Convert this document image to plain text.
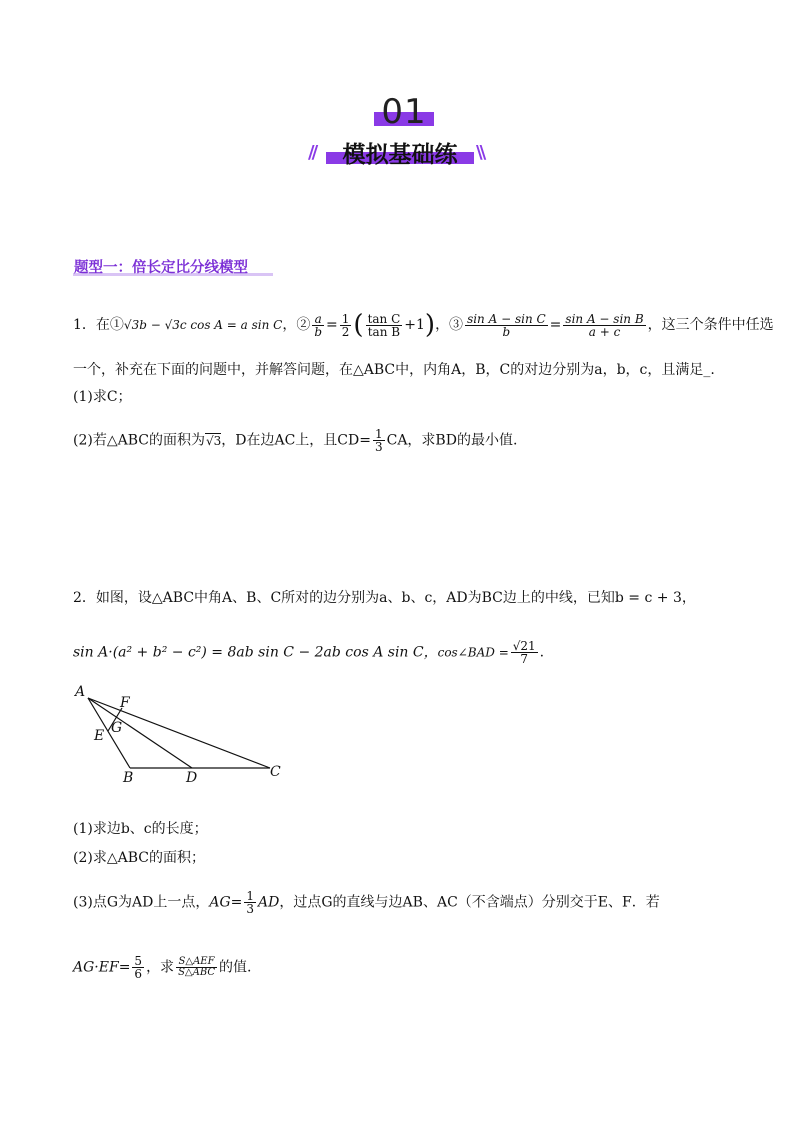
01
模拟基础练
//	\\
题型一：倍长定比分线模型
1．在①√3b − √3c cos A = a sin C，② $\frac{a}{b} = \frac{1}{2}$ ( $\frac{\text{tan C}}{\text{tan B}} +1$)，③ $\frac{\text{sin A − sin C}}{b} = \frac{\text{sin A − sin B}}{a + c}$ ，这三个条件中任选
一个，补充在下面的问题中，并解答问题，在△ABC中，内角A，B，C的对边分别为a，b，c，且满足_.
(1)求C；
(2)若△ABC的面积为√3，D在边AC上，且$CD= \frac{1}{3}$ CA，求BD的最小值.
2．如图，设△ABC中角A、B、C所对的边分别为a、b、c，AD为BC边上的中线，已知b = c + 3，
sin A·(a² + b² − c²) = 8ab sin C − 2ab cos A sin C，cos∠BAD = $\frac{√21}{7}$ .
A
B	C
D
E
F
G
(1)求边b、c的长度；
(2)求△ABC的面积；
(3)点G为AD上一点，$AG= \frac{1}{3}$ AD，过点G的直线与边AB、AC（不含端点）分别交于E、F．若
$AG\cdot EF= \frac{5}{6}$ ，求 $\frac{\text{S△AEF}}{\text{S△ABC}}$ 的值.
